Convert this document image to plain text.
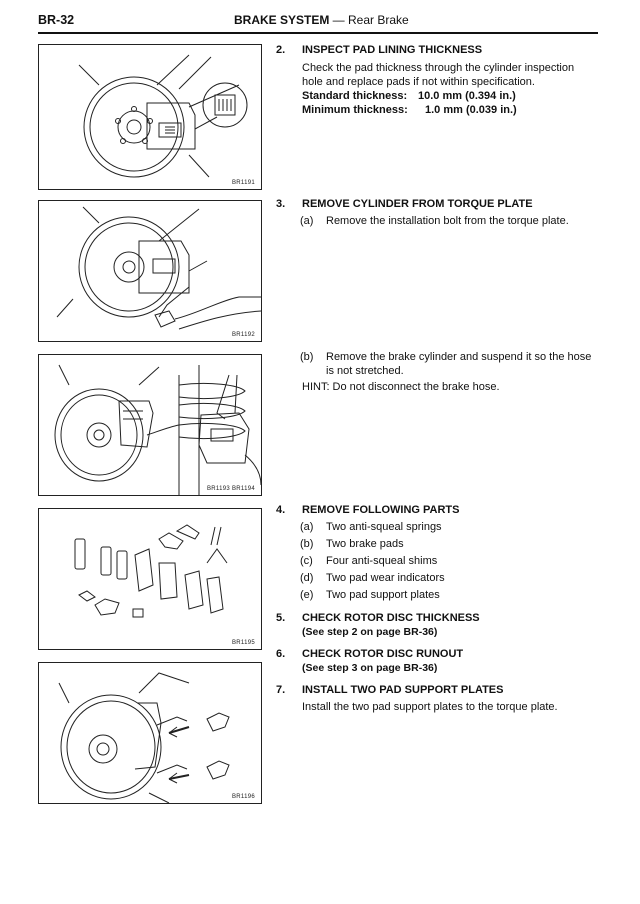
BR-32	BRAKE SYSTEM — Rear Brake
BR1191
BR1192
BR1193 BR1194
BR1195
BR1196
2.	INSPECT PAD LINING THICKNESS
Check the pad thickness through the cylinder inspection
hole and replace pads if not within specification.
Standard thickness: 10.0 mm (0.394 in.)
Minimum thickness: 1.0 mm (0.039 in.)
3.	REMOVE CYLINDER FROM TORQUE PLATE
(a) Remove the installation bolt from the torque plate.
(b) Remove the brake cylinder and suspend it so the hose
is not stretched.
HINT: Do not disconnect the brake hose.
4.	REMOVE FOLLOWING PARTS
(a) Two anti-squeal springs
(b) Two brake pads
(c) Four anti-squeal shims
(d) Two pad wear indicators
(e) Two pad support plates
5.	CHECK ROTOR DISC THICKNESS
(See step 2 on page BR-36)
6.	CHECK ROTOR DISC RUNOUT
(See step 3 on page BR-36)
7.	INSTALL TWO PAD SUPPORT PLATES
Install the two pad support plates to the torque plate.
